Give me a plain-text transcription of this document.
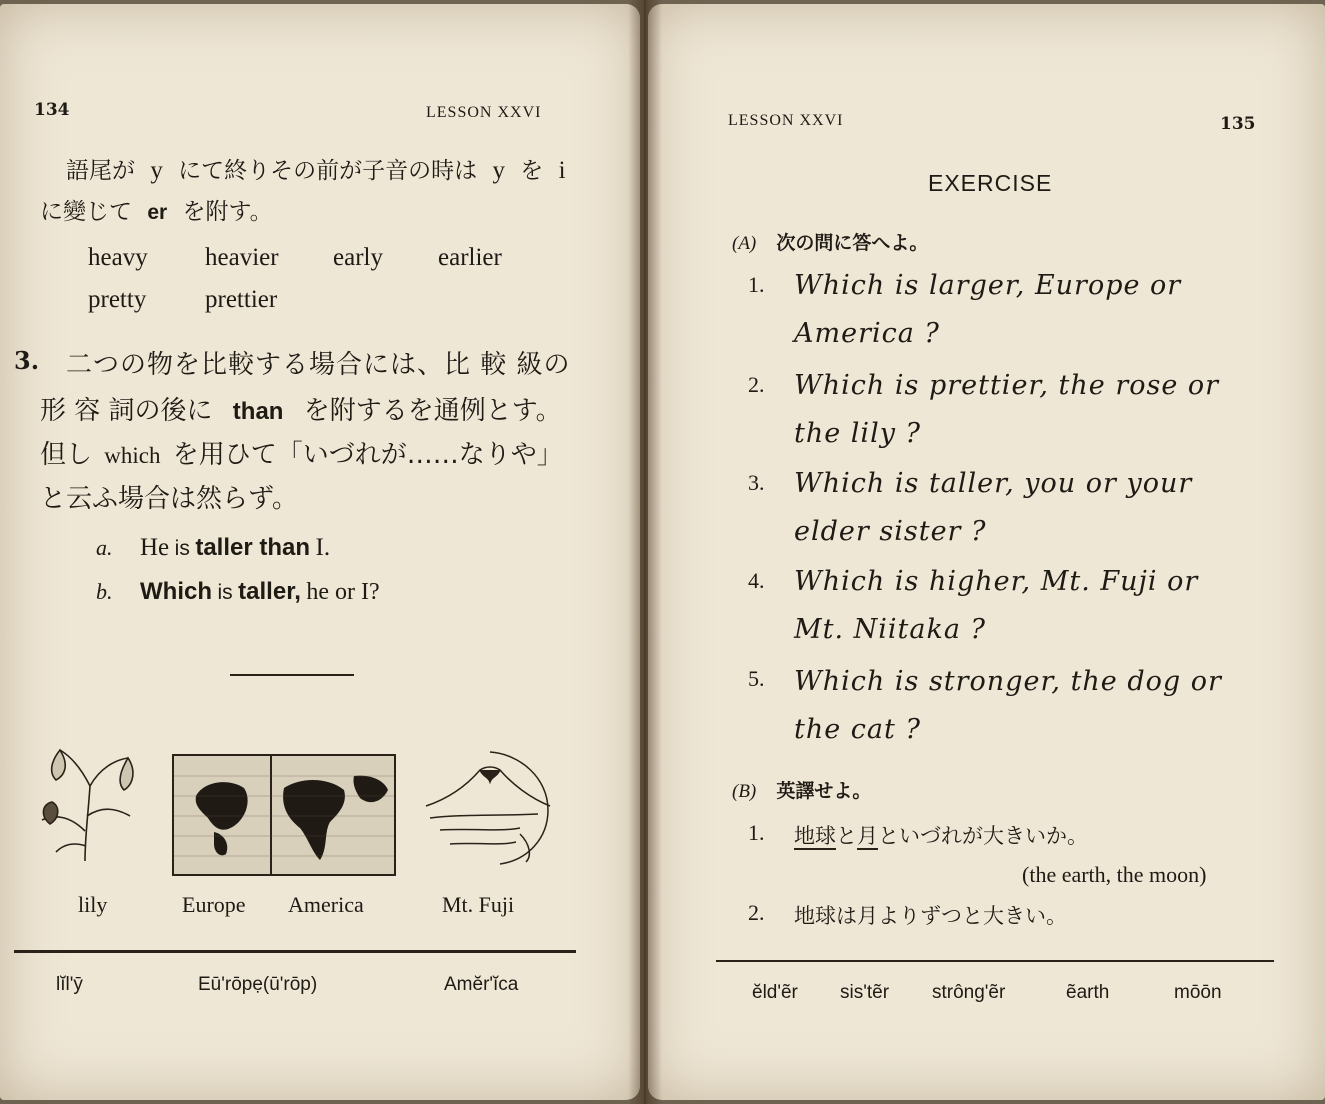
134	LESSON XXVI
語尾が y にて終りその前が子音の時は y を i
に變じて er を附す。
heavy heavier early earlier
pretty prettier
3. 二つの物を比較する場合には、比 較 級の
形 容 詞の後に than を附するを通例とす。
但し which を用ひて「いづれが……なりや」
と云ふ場合は然らず。
a. He is taller than I.
b. Which is taller, he or I?
lily	Europe America	Mt. Fuji
lĭl'ȳ	Eū'rōpẹ(ū'rōp)	Amĕr'ĭca
LESSON XXVI	135
EXERCISE
(A) 次の問に答へよ。
1. Which is larger, Europe or
America ?
2. Which is prettier, the rose or
the lily ?
3. Which is taller, you or your
elder sister ?
4. Which is higher, Mt. Fuji or
Mt. Niitaka ?
5. Which is stronger, the dog or
the cat ?
(B) 英譯せよ。
1. 地球と月といづれが大きいか。
(the earth, the moon)
2. 地球は月よりずつと大きい。
ĕld'ẽr sis'tẽr strông'ẽr	ẽarth	mōōn
